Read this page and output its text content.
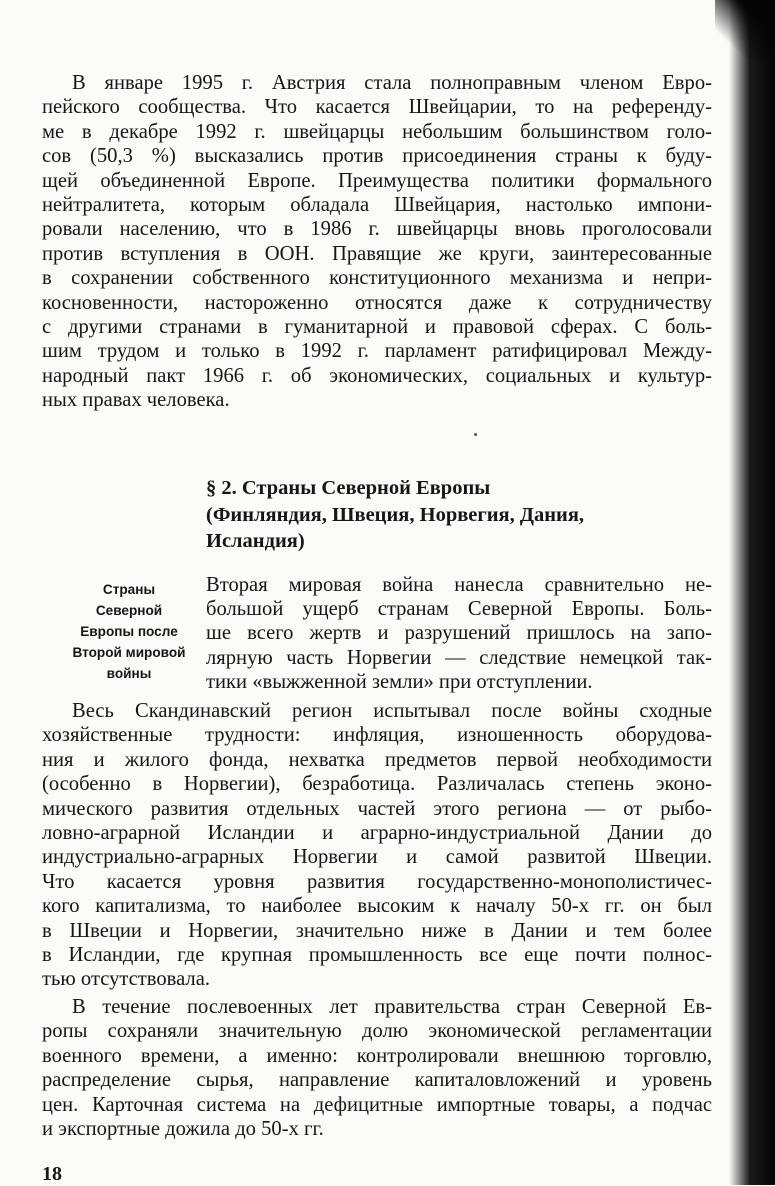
В январе 1995 г. Австрия стала полноправным членом Евро-
пейского сообщества. Что касается Швейцарии, то на референду-
ме в декабре 1992 г. швейцарцы небольшим большинством голо-
сов (50,3 %) высказались против присоединения страны к буду-
щей объединенной Европе. Преимущества политики формального
нейтралитета, которым обладала Швейцария, настолько импони-
ровали населению, что в 1986 г. швейцарцы вновь проголосовали
против вступления в ООН. Правящие же круги, заинтересованные
в сохранении собственного конституционного механизма и непри-
косновенности, настороженно относятся даже к сотрудничеству
с другими странами в гуманитарной и правовой сферах. С боль-
шим трудом и только в 1992 г. парламент ратифицировал Между-
народный пакт 1966 г. об экономических, социальных и культур-
ных правах человека.
§ 2. Страны Северной Европы
(Финляндия, Швеция, Норвегия, Дания,
Исландия)
Страны
Северной
Европы после
Второй мировой
войны
Вторая мировая война нанесла сравнительно не-
большой ущерб странам Северной Европы. Боль-
ше всего жертв и разрушений пришлось на запо-
лярную часть Норвегии — следствие немецкой так-
тики «выжженной земли» при отступлении.
Весь Скандинавский регион испытывал после войны сходные
хозяйственные трудности: инфляция, изношенность оборудова-
ния и жилого фонда, нехватка предметов первой необходимости
(особенно в Норвегии), безработица. Различалась степень эконо-
мического развития отдельных частей этого региона — от рыбо-
ловно-аграрной Исландии и аграрно-индустриальной Дании до
индустриально-аграрных Норвегии и самой развитой Швеции.
Что касается уровня развития государственно-монополистичес-
кого капитализма, то наиболее высоким к началу 50-х гг. он был
в Швеции и Норвегии, значительно ниже в Дании и тем более
в Исландии, где крупная промышленность все еще почти полнос-
тью отсутствовала.
В течение послевоенных лет правительства стран Северной Ев-
ропы сохраняли значительную долю экономической регламентации
военного времени, а именно: контролировали внешнюю торговлю,
распределение сырья, направление капиталовложений и уровень
цен. Карточная система на дефицитные импортные товары, а подчас
и экспортные дожила до 50-х гг.
18
